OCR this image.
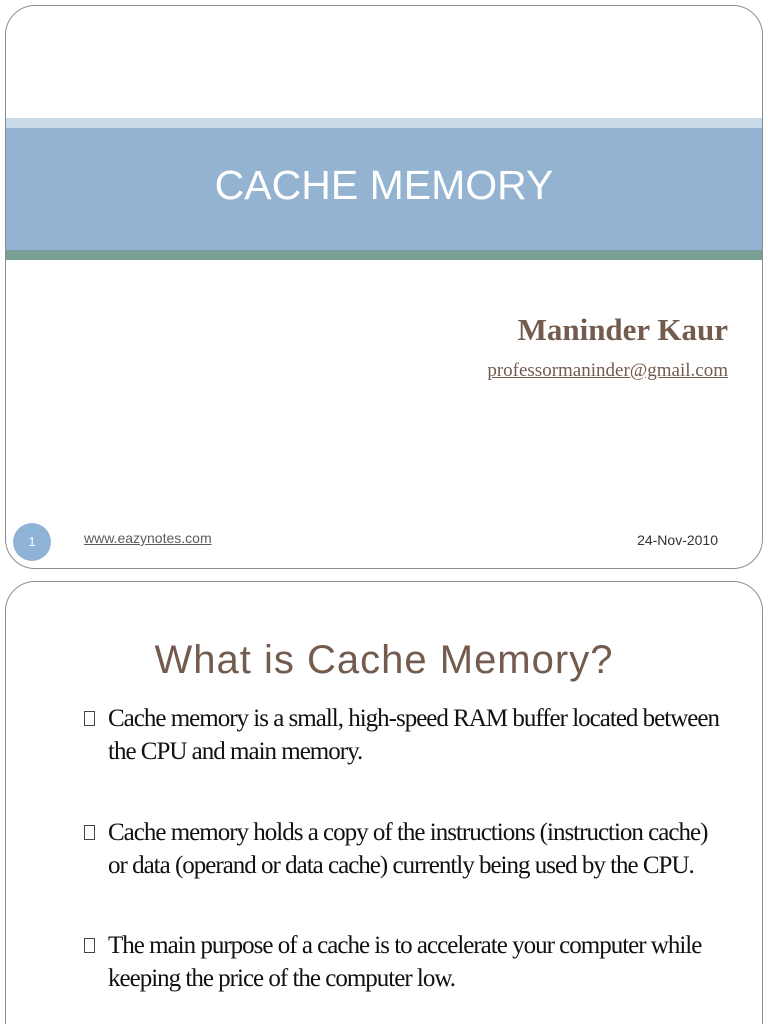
CACHE MEMORY

Maninder Kaur

professormaninder@gmail.com
1	www.eazynotes.com	24-Nov-2010
What is Cache Memory?
Cache memory is a small, high-speed RAM buffer located between the CPU and main memory.
Cache memory holds a copy of the instructions (instruction cache) or data (operand or data cache) currently being used by the CPU.
The main purpose of a cache is to accelerate your computer while keeping the price of the computer low.
